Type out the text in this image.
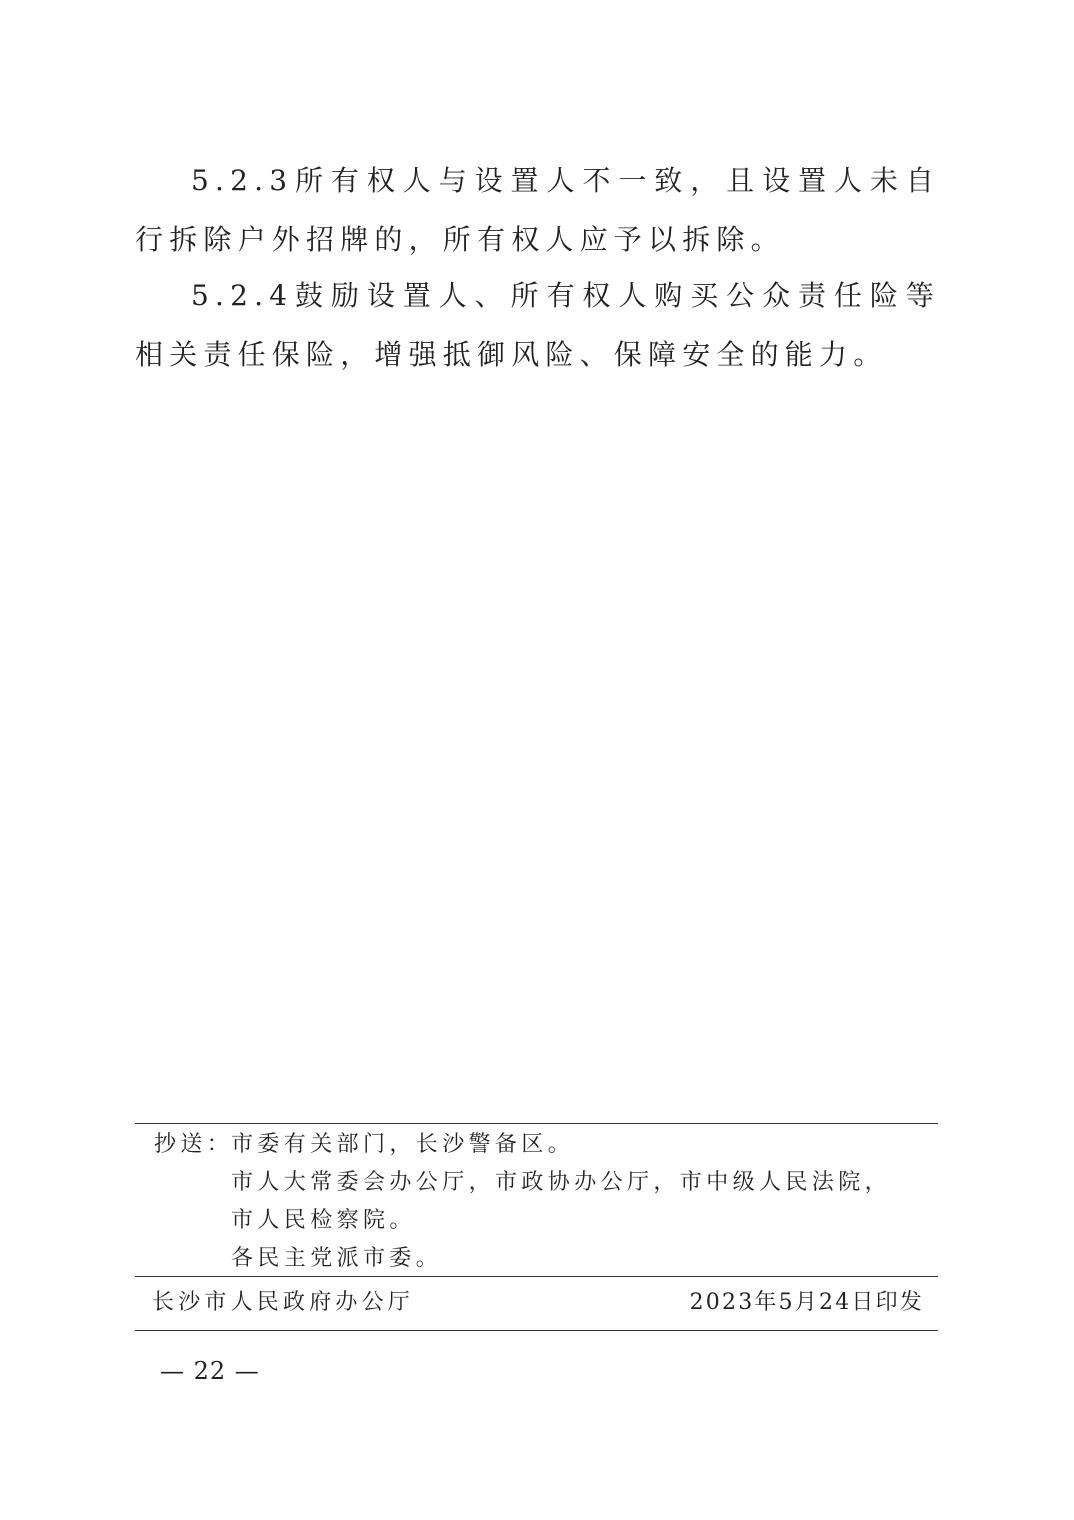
5.2.3所有权人与设置人不一致，且设置人未自行拆除户外招牌的，所有权人应予以拆除。

5.2.4鼓励设置人、所有权人购买公众责任险等相关责任保险，增强抵御风险、保障安全的能力。

抄送：
市委有关部门，长沙警备区。
市人大常委会办公厅，市政协办公厅，市中级人民法院，
市人民检察院。
各民主党派市委。
长沙市人民政府办公厅	2023年5月24日印发
— 22 —
